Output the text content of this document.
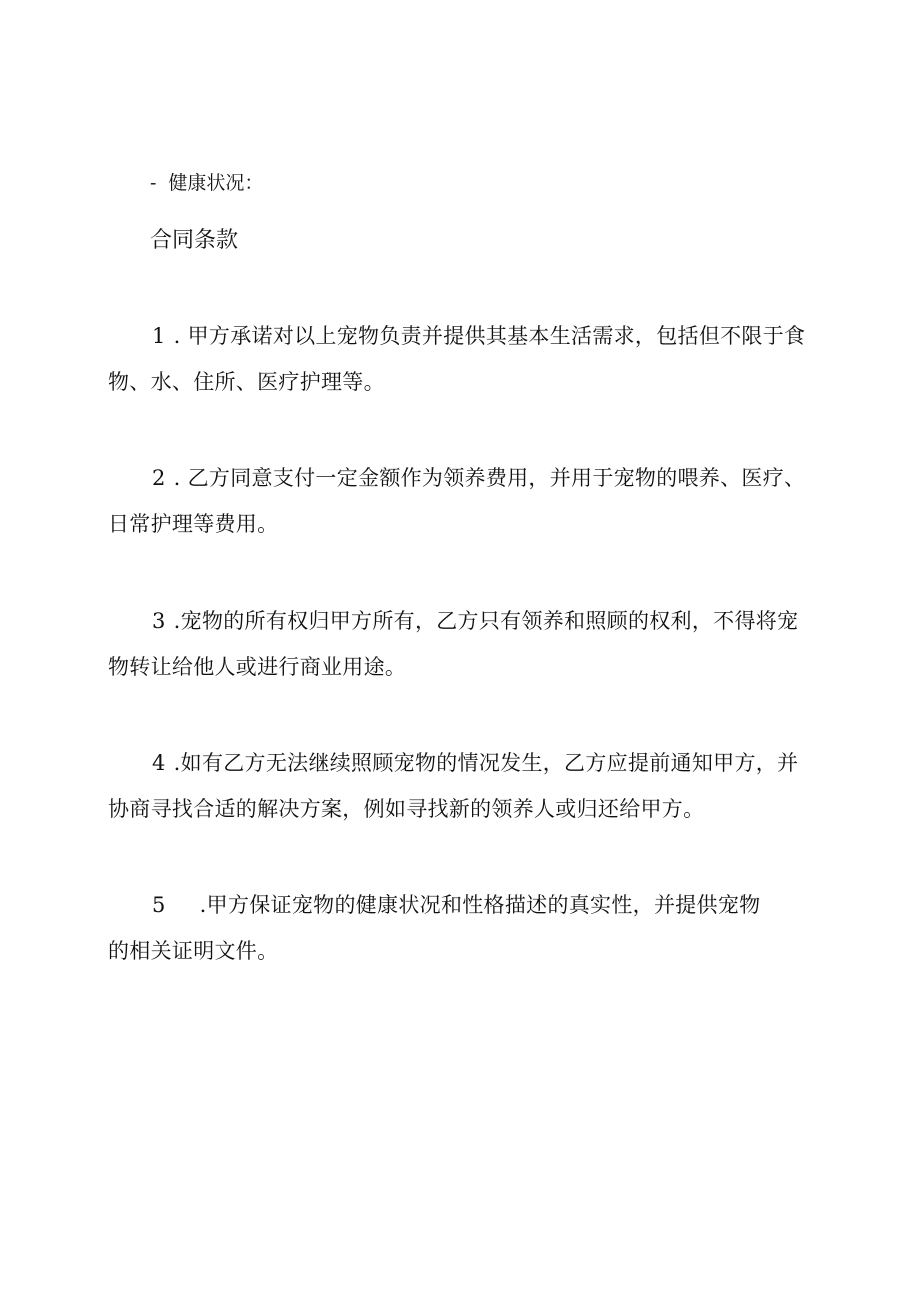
- 健康状况：
合同条款
1 . 甲方承诺对以上宠物负责并提供其基本生活需求，包括但不限于食
物、水、住所、医疗护理等。
2 . 乙方同意支付一定金额作为领养费用，并用于宠物的喂养、医疗、
日常护理等费用。
3 .宠物的所有权归甲方所有，乙方只有领养和照顾的权利，不得将宠
物转让给他人或进行商业用途。
4 .如有乙方无法继续照顾宠物的情况发生，乙方应提前通知甲方，并
协商寻找合适的解决方案，例如寻找新的领养人或归还给甲方。
5 .甲方保证宠物的健康状况和性格描述的真实性，并提供宠物
的相关证明文件。
